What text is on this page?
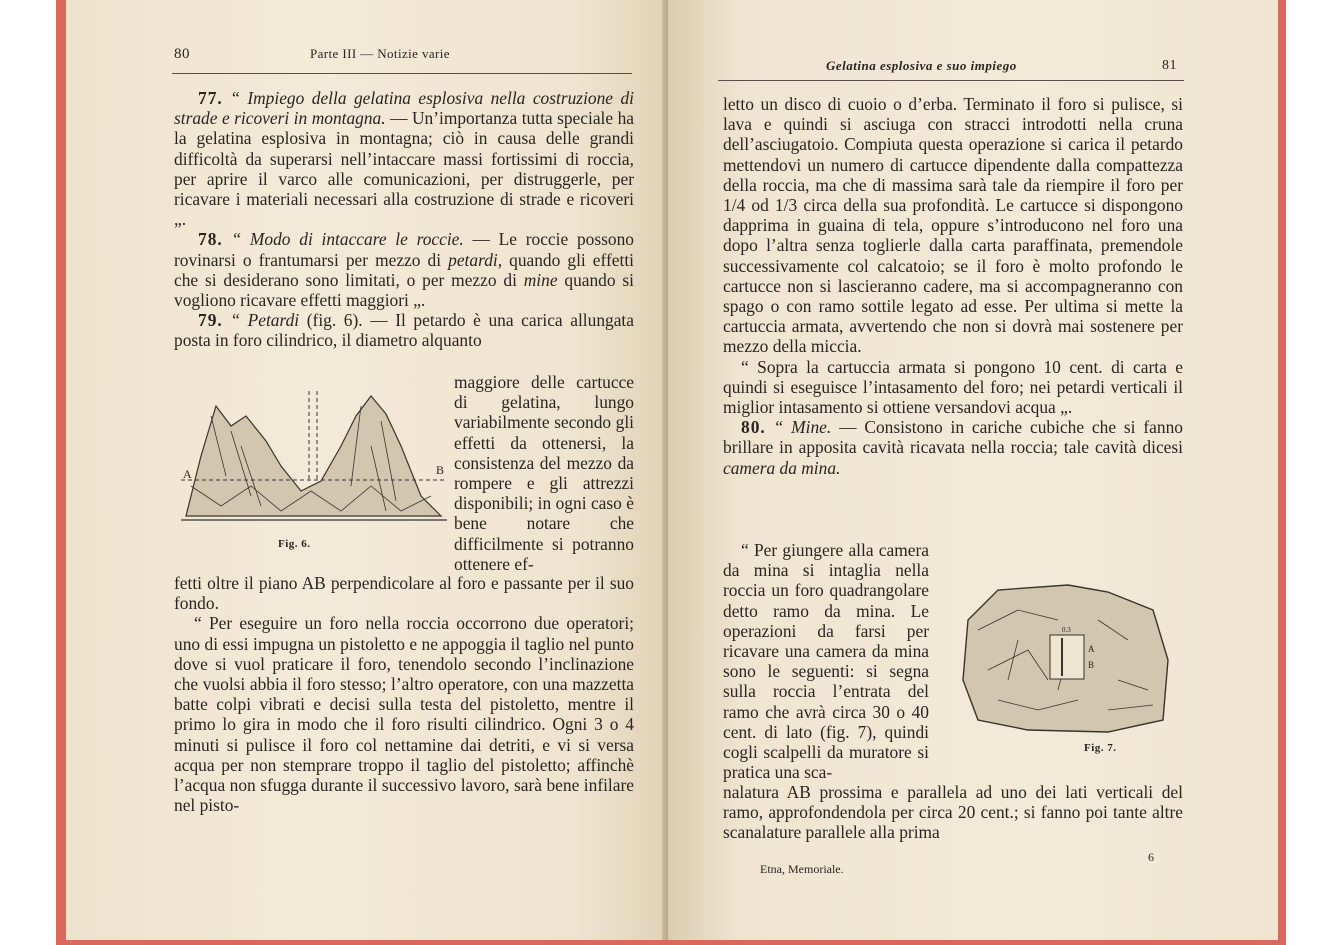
80	Parte III — Notizie varie

77. “ Impiego della gelatina esplosiva nella costruzione di strade e ricoveri in montagna. — Un’importanza tutta speciale ha la gelatina esplosiva in montagna; ciò in causa delle grandi difficoltà da superarsi nell’intaccare massi fortissimi di roccia, per aprire il varco alle comunicazioni, per distruggerle, per ricavare i materiali necessari alla costruzione di strade e ricoveri „.

78. “ Modo di intaccare le roccie. — Le roccie possono rovinarsi o frantumarsi per mezzo di petardi, quando gli effetti che si desiderano sono limitati, o per mezzo di mine quando si vogliono ricavare effetti maggiori „.

79. “ Petardi (fig. 6). — Il petardo è una carica allungata posta in foro cilindrico, il diametro alquanto

A	B
Fig. 6.

maggiore delle cartucce di gelatina, lungo variabilmente secondo gli effetti da ottenersi, la consistenza del mezzo da rompere e gli attrezzi disponibili; in ogni caso è bene notare che difficilmente si potranno ottenere ef-

fetti oltre il piano AB perpendicolare al foro e passante per il suo fondo.

“ Per eseguire un foro nella roccia occorrono due operatori; uno di essi impugna un pistoletto e ne appoggia il taglio nel punto dove si vuol praticare il foro, tenendolo secondo l’inclinazione che vuolsi abbia il foro stesso; l’altro operatore, con una mazzetta batte colpi vibrati e decisi sulla testa del pistoletto, mentre il primo lo gira in modo che il foro risulti cilindrico. Ogni 3 o 4 minuti si pulisce il foro col nettamine dai detriti, e vi si versa acqua per non stemprare troppo il taglio del pistoletto; affinchè l’acqua non sfugga durante il successivo lavoro, sarà bene infilare nel pisto-

Gelatina esplosiva e suo impiego	81

letto un disco di cuoio o d’erba. Terminato il foro si pulisce, si lava e quindi si asciuga con stracci introdotti nella cruna dell’asciugatoio. Compiuta questa operazione si carica il petardo mettendovi un numero di cartucce dipendente dalla compattezza della roccia, ma che di massima sarà tale da riempire il foro per 1/4 od 1/3 circa della sua profondità. Le cartucce si dispongono dapprima in guaina di tela, oppure s’introducono nel foro una dopo l’altra senza toglierle dalla carta paraffinata, premendole successivamente col calcatoio; se il foro è molto profondo le cartucce non si lascieranno cadere, ma si accompagneranno con spago o con ramo sottile legato ad esse. Per ultima si mette la cartuccia armata, avvertendo che non si dovrà mai sostenere per mezzo della miccia.

“ Sopra la cartuccia armata si pongono 10 cent. di carta e quindi si eseguisce l’intasamento del foro; nei petardi verticali il miglior intasamento si ottiene versandovi acqua „.

80. “ Mine. — Consistono in cariche cubiche che si fanno brillare in apposita cavità ricavata nella roccia; tale cavità dicesi camera da mina.

“ Per giungere alla camera da mina si intaglia nella roccia un foro quadrangolare detto ramo da mina. Le operazioni da farsi per ricavare una camera da mina sono le seguenti: si segna sulla roccia l’entrata del ramo che avrà circa 30 o 40 cent. di lato (fig. 7), quindi cogli scalpelli da muratore si pratica una sca-

0.3
A
B
Fig. 7.

nalatura AB prossima e parallela ad uno dei lati verticali del ramo, approfondendola per circa 20 cent.; si fanno poi tante altre scanalature parallele alla prima

Etna, Memoriale.
6
